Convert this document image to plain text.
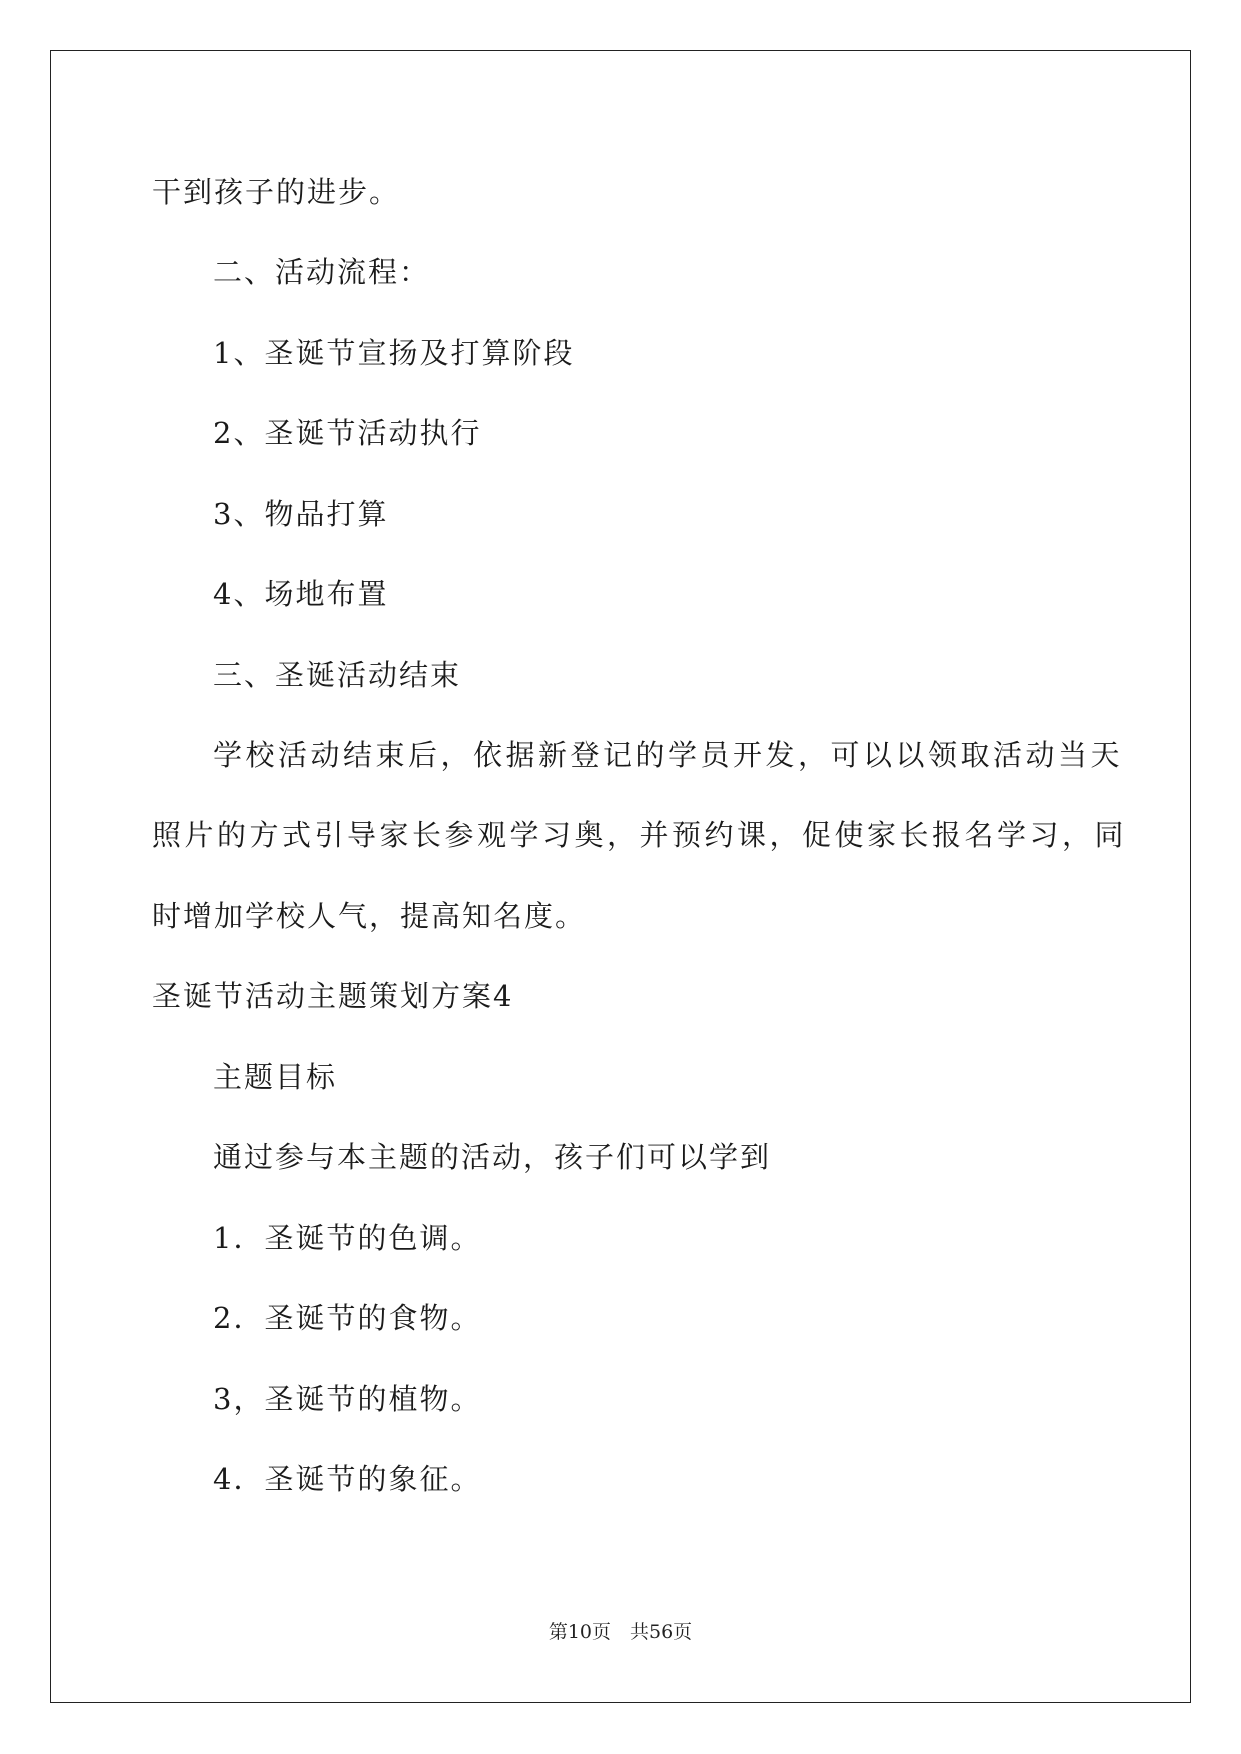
干到孩子的进步。
二、活动流程：
1、圣诞节宣扬及打算阶段
2、圣诞节活动执行
3、物品打算
4、场地布置
三、圣诞活动结束
学校活动结束后，依据新登记的学员开发，可以以领取活动当天
照片的方式引导家长参观学习奥，并预约课，促使家长报名学习，同
时增加学校人气，提高知名度。
圣诞节活动主题策划方案4
主题目标
通过参与本主题的活动，孩子们可以学到
1．圣诞节的色调。
2．圣诞节的食物。
3，圣诞节的植物。
4．圣诞节的象征。
第10页　共56页
